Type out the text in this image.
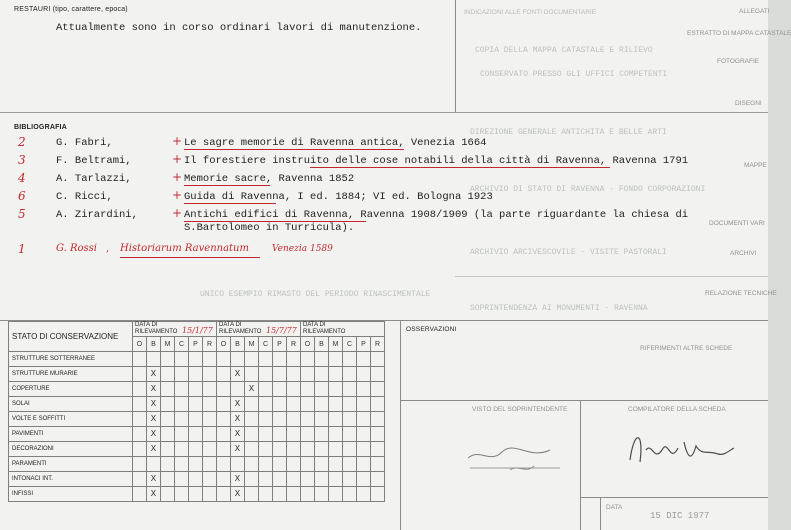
INDICAZIONI ALLE FONTI DOCUMENTARIE
COPIA DELLA MAPPA CATASTALE E RILIEVO
CONSERVATO PRESSO GLI UFFICI COMPETENTI
DIREZIONE GENERALE ANTICHITA E BELLE ARTI
ARCHIVIO DI STATO DI RAVENNA - FONDO CORPORAZIONI
ARCHIVIO ARCIVESCOVILE - VISITE PASTORALI
SOPRINTENDENZA AI MONUMENTI - RAVENNA
UNICO ESEMPIO RIMASTO DEL PERIODO RINASCIMENTALE
ALLEGATI
ESTRATTO DI MAPPA CATASTALE
FOTOGRAFIE
DISEGNI
MAPPE
DOCUMENTI VARI
ARCHIVI
RELAZIONE TECNICHE
RIFERIMENTI ALTRE SCHEDE
RESTAURI (tipo, carattere, epoca)
Attualmente sono in corso ordinari lavori di manutenzione.
BIBLIOGRAFIA
2	G. Fabri,	+ Le sagre memorie di Ravenna antica, Venezia 1664
3	F. Beltrami,	+ Il forestiere instruito delle cose notabili della città di Ravenna, Ravenna 1791
4	A. Tarlazzi,	+ Memorie sacre, Ravenna 1852
6	C. Ricci,	+ Guida di Ravenna, I ed. 1884; VI ed. Bologna 1923
5	A. Zirardini,	+ Antichi edifici di Ravenna, Ravenna 1908/1909 (la parte riguardante la chiesa di
S.Bartolomeo in Turricula).
1	G. Rossi , Historiarum Ravennatum	Venezia 1589
STATO DI CONSERVAZIONE	DATA DI RILEVAMENTO 15/1/77						DATA DI RILEVAMENTO 15/7/77						DATA DI RILEVAMENTO					
	O	B	M	C	P	R	O	B	M	C	P	R	O	B	M	C	P	R
STRUTTURE SOTTERRANEE																		
STRUTTURE MURARIE		X						X										
COPERTURE		X							X									
SOLAI		X						X										
VOLTE E SOFFITTI		X						X										
PAVIMENTI		X						X										
DECORAZIONI		X						X										
PARAMENTI																		
INTONACI INT.		X						X										
INFISSI		X						X										
OSSERVAZIONI
VISTO DEL SOPRINTENDENTE	COMPILATORE DELLA SCHEDA
DATA
15 DIC 1977
